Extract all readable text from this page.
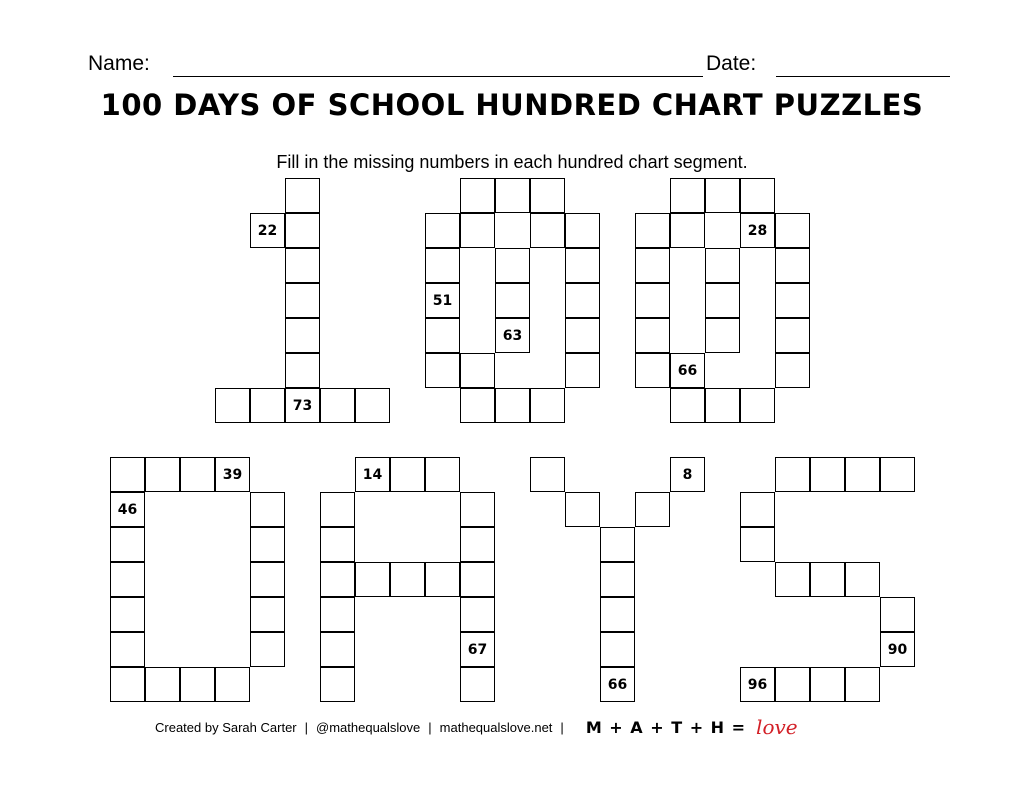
Name:	Date:
100 DAYS OF SCHOOL HUNDRED CHART PUZZLES
Fill in the missing numbers in each hundred chart segment.
22
73
51
63
28
66
39
46
14
67
8
66
90
96
Created by Sarah Carter | @mathequalslove | mathequalslove.net | M + A + T + H = love
